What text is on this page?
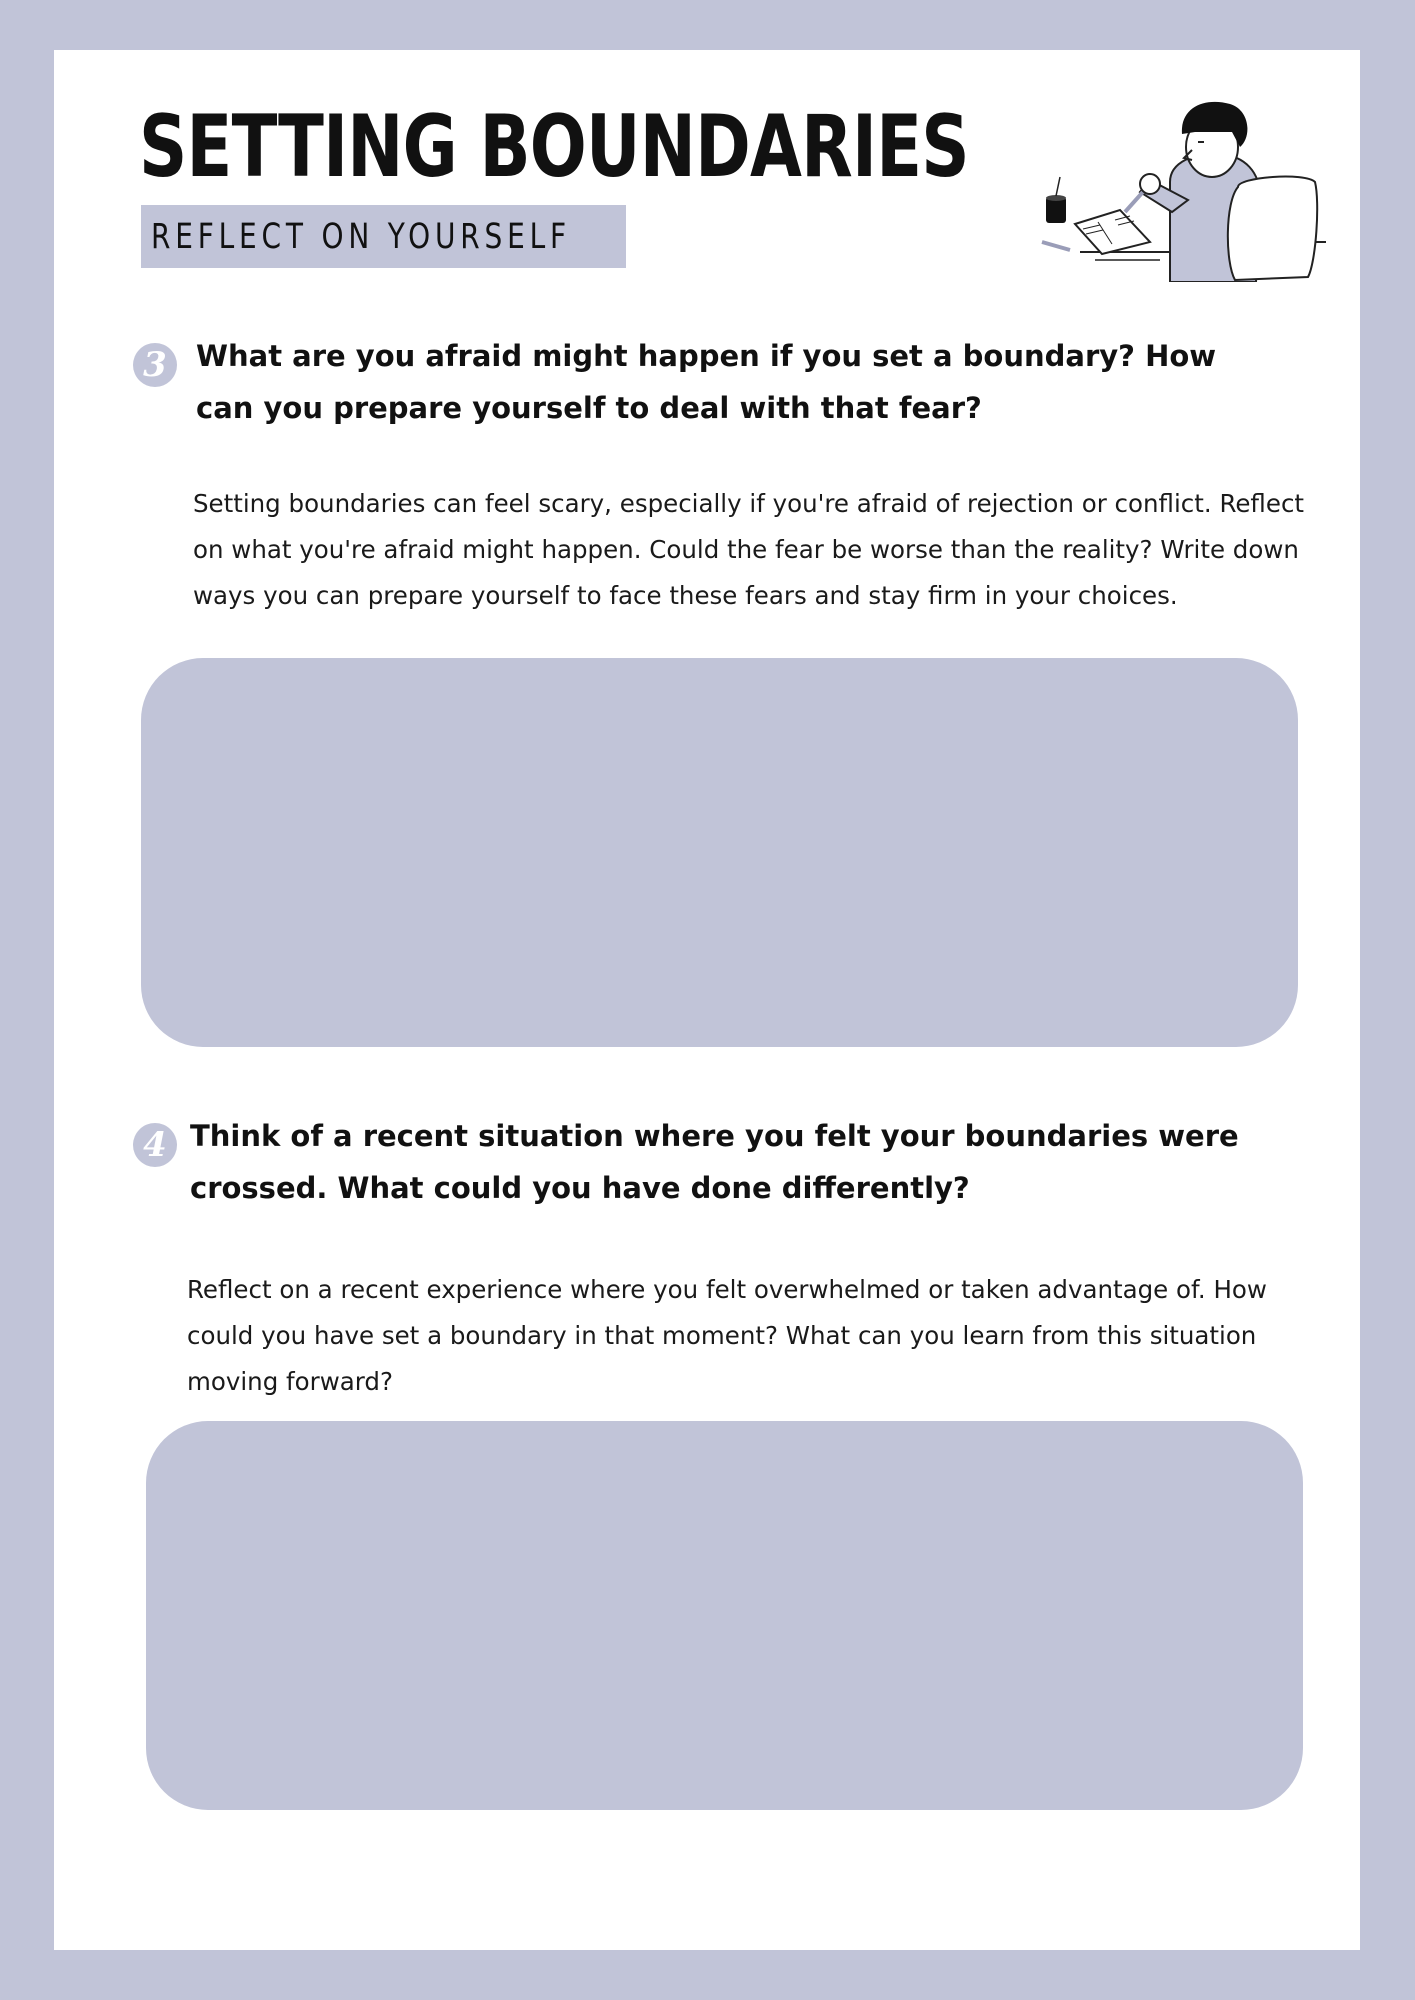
SETTING BOUNDARIES
REFLECT ON YOURSELF
3	What are you afraid might happen if you set a boundary? How can you prepare yourself to deal with that fear?

Setting boundaries can feel scary, especially if you're afraid of rejection or conflict. Reflect on what you're afraid might happen. Could the fear be worse than the reality? Write down ways you can prepare yourself to face these fears and stay firm in your choices.

4 Think of a recent situation where you felt your boundaries were crossed. What could you have done differently?

Reflect on a recent experience where you felt overwhelmed or taken advantage of. How could you have set a boundary in that moment? What can you learn from this situation moving forward?
